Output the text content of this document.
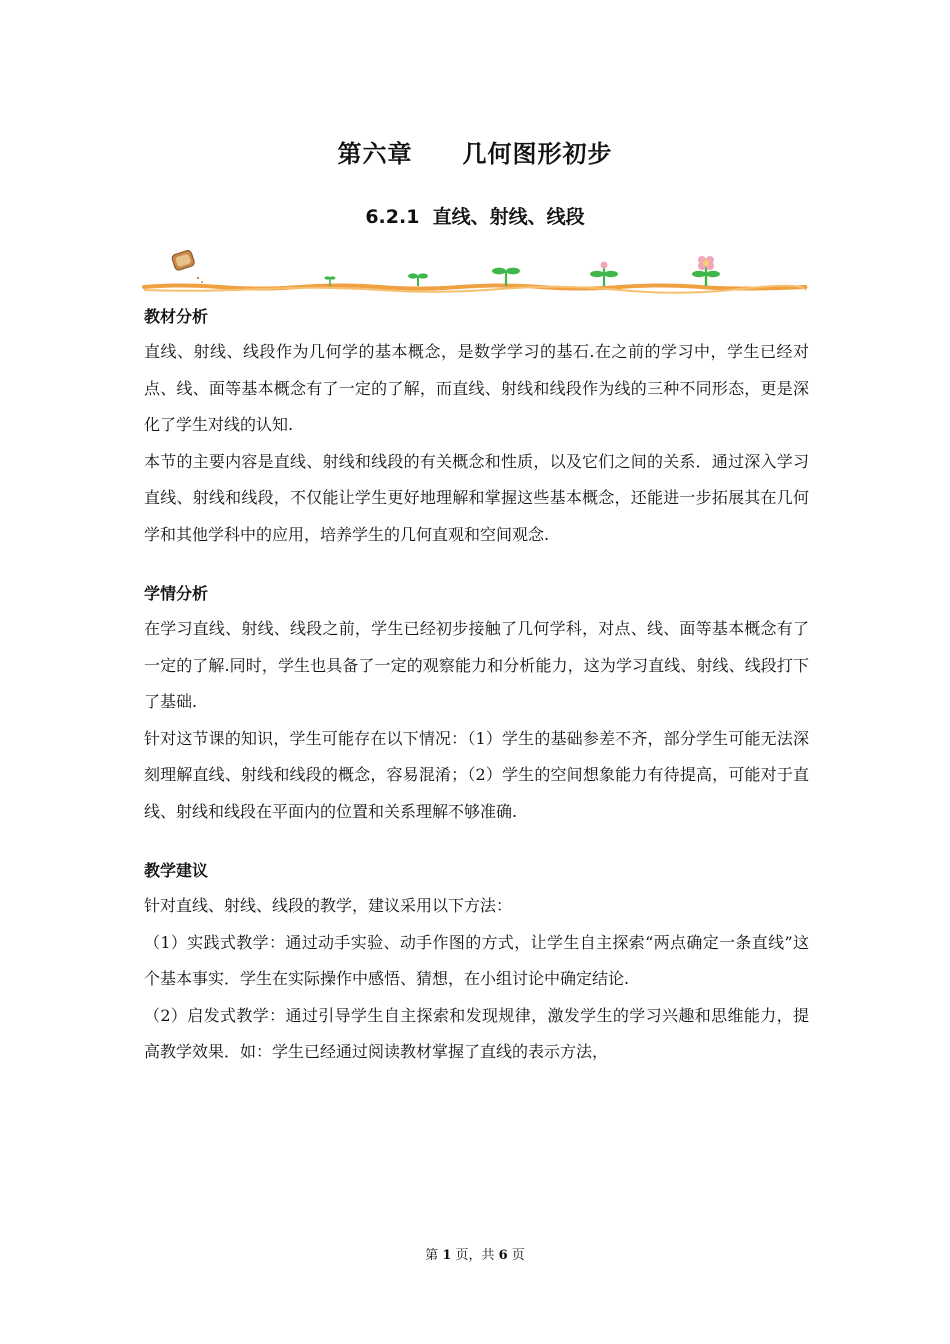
第六章　　几何图形初步
6.2.1  直线、射线、线段
教材分析

直线、射线、线段作为几何学的基本概念，是数学学习的基石.在之前的学习中，学生已经对点、线、面等基本概念有了一定的了解，而直线、射线和线段作为线的三种不同形态，更是深化了学生对线的认知.

本节的主要内容是直线、射线和线段的有关概念和性质，以及它们之间的关系．通过深入学习直线、射线和线段，不仅能让学生更好地理解和掌握这些基本概念，还能进一步拓展其在几何学和其他学科中的应用，培养学生的几何直观和空间观念.

学情分析

在学习直线、射线、线段之前，学生已经初步接触了几何学科，对点、线、面等基本概念有了一定的了解.同时，学生也具备了一定的观察能力和分析能力，这为学习直线、射线、线段打下了基础.

针对这节课的知识，学生可能存在以下情况：（1）学生的基础参差不齐，部分学生可能无法深刻理解直线、射线和线段的概念，容易混淆；（2）学生的空间想象能力有待提高，可能对于直线、射线和线段在平面内的位置和关系理解不够准确.

教学建议

针对直线、射线、线段的教学，建议采用以下方法：

（1）实践式教学：通过动手实验、动手作图的方式，让学生自主探索“两点确定一条直线”这个基本事实．学生在实际操作中感悟、猜想，在小组讨论中确定结论.

（2）启发式教学：通过引导学生自主探索和发现规律，激发学生的学习兴趣和思维能力，提高教学效果．如：学生已经通过阅读教材掌握了直线的表示方法，

第 1 页，共 6 页
